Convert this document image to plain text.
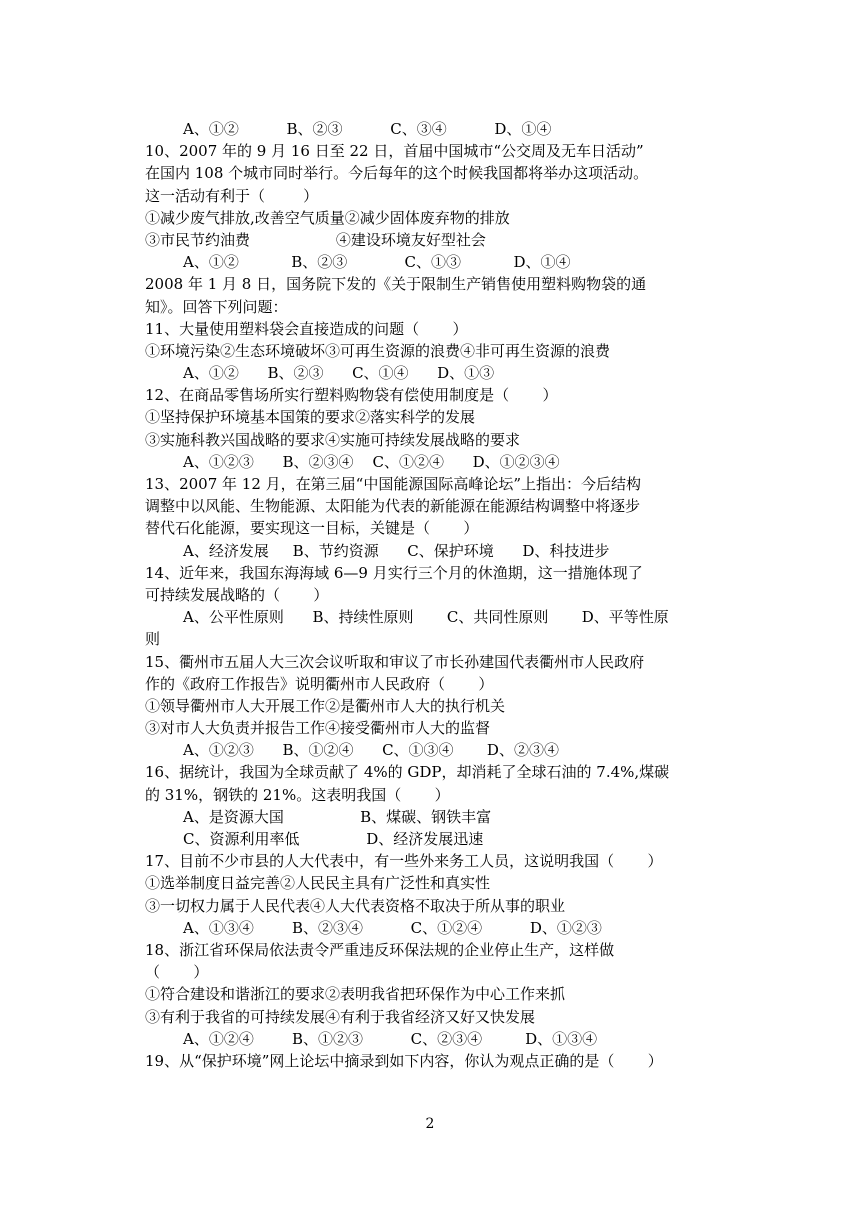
A、①②          B、②③          C、③④          D、①④
10、2007 年的 9 月 16 日至 22 日，首届中国城市“公交周及无车日活动”
在国内 108 个城市同时举行。今后每年的这个时候我国都将举办这项活动。
这一活动有利于（        ）
①减少废气排放,改善空气质量②减少固体废弃物的排放
③市民节约油费                  ④建设环境友好型社会
A、①②           B、②③            C、①③           D、①④
2008 年 1 月 8 日，国务院下发的《关于限制生产销售使用塑料购物袋的通
知》。回答下列问题：
11、大量使用塑料袋会直接造成的问题（       ）
①环境污染②生态环境破坏③可再生资源的浪费④非可再生资源的浪费
A、①②      B、②③      C、①④      D、①③
12、在商品零售场所实行塑料购物袋有偿使用制度是（       ）
①坚持保护环境基本国策的要求②落实科学的发展
③实施科教兴国战略的要求④实施可持续发展战略的要求
A、①②③      B、②③④    C、①②④      D、①②③④
13、2007 年 12 月，在第三届“中国能源国际高峰论坛”上指出：今后结构
调整中以风能、生物能源、太阳能为代表的新能源在能源结构调整中将逐步
替代石化能源，要实现这一目标，关键是（       ）
A、经济发展     B、节约资源      C、保护环境      D、科技进步
14、近年来，我国东海海域 6—9 月实行三个月的休渔期，这一措施体现了
可持续发展战略的（       ）
A、公平性原则      B、持续性原则       C、共同性原则       D、平等性原
则
15、衢州市五届人大三次会议听取和审议了市长孙建国代表衢州市人民政府
作的《政府工作报告》说明衢州市人民政府（       ）
①领导衢州市人大开展工作②是衢州市人大的执行机关
③对市人大负责并报告工作④接受衢州市人大的监督
A、①②③      B、①②④      C、①③④       D、②③④
16、据统计，我国为全球贡献了 4%的 GDP，却消耗了全球石油的 7.4%,煤碳
的 31%，钢铁的 21%。这表明我国（       ）
A、是资源大国                B、煤碳、钢铁丰富
C、资源利用率低              D、经济发展迅速
17、目前不少市县的人大代表中，有一些外来务工人员，这说明我国（       ）
①选举制度日益完善②人民民主具有广泛性和真实性
③一切权力属于人民代表④人大代表资格不取决于所从事的职业
A、①③④        B、②③④          C、①②④          D、①②③
18、浙江省环保局依法责令严重违反环保法规的企业停止生产，这样做
（       ）
①符合建设和谐浙江的要求②表明我省把环保作为中心工作来抓
③有利于我省的可持续发展④有利于我省经济又好又快发展
A、①②④        B、①②③          C、②③④         D、①③④
19、从“保护环境”网上论坛中摘录到如下内容，你认为观点正确的是（       ）
2
